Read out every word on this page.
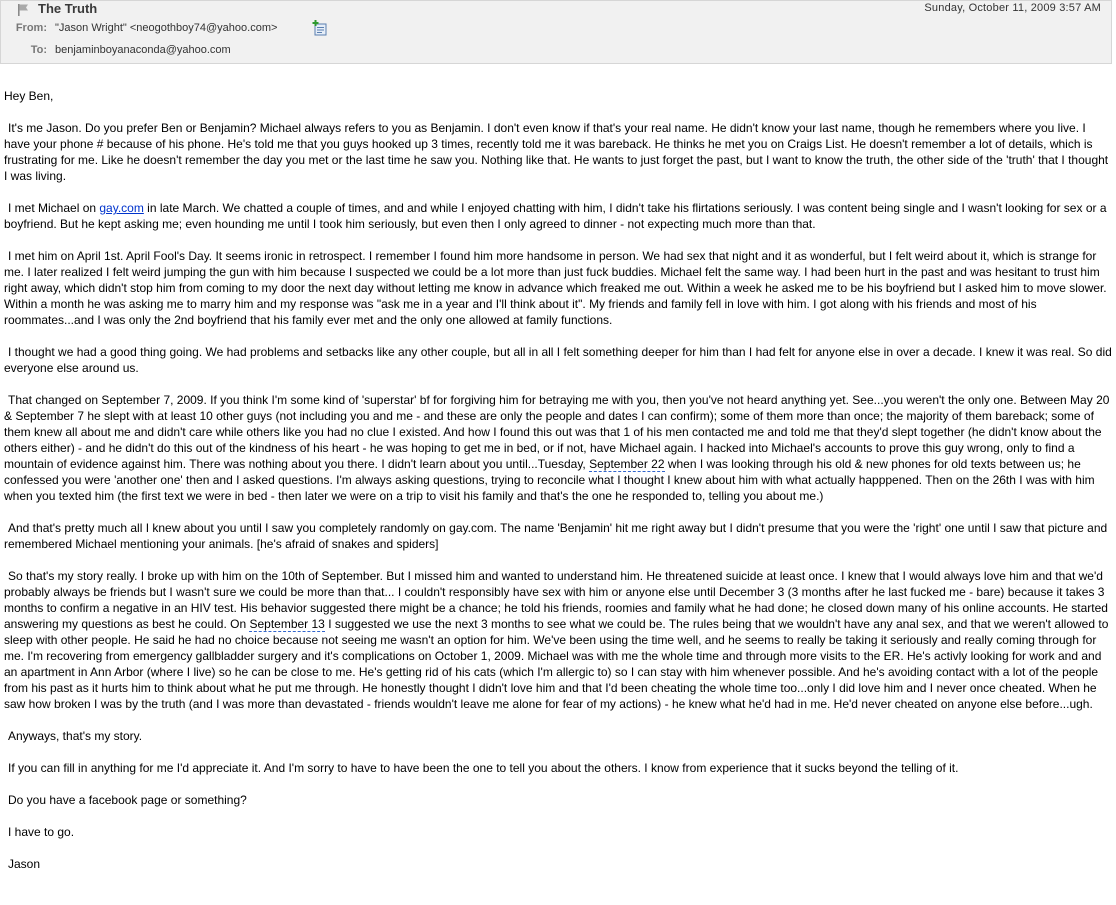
The Truth	Sunday, October 11, 2009 3:57 AM
From: "Jason Wright" <neogothboy74@yahoo.com>
To: benjaminboyanaconda@yahoo.com

Hey Ben,

It's me Jason. Do you prefer Ben or Benjamin? Michael always refers to you as Benjamin. I don't even know if that's your real name. He didn't know your last name, though he remembers where you live. I have your phone # because of his phone. He's told me that you guys hooked up 3 times, recently told me it was bareback. He thinks he met you on Craigs List. He doesn't remember a lot of details, which is frustrating for me. Like he doesn't remember the day you met or the last time he saw you. Nothing like that. He wants to just forget the past, but I want to know the truth, the other side of the 'truth' that I thought I was living.

I met Michael on gay.com in late March. We chatted a couple of times, and and while I enjoyed chatting with him, I didn't take his flirtations seriously. I was content being single and I wasn't looking for sex or a boyfriend. But he kept asking me; even hounding me until I took him seriously, but even then I only agreed to dinner - not expecting much more than that.

I met him on April 1st. April Fool's Day. It seems ironic in retrospect. I remember I found him more handsome in person. We had sex that night and it as wonderful, but I felt weird about it, which is strange for me. I later realized I felt weird jumping the gun with him because I suspected we could be a lot more than just fuck buddies. Michael felt the same way. I had been hurt in the past and was hesitant to trust him right away, which didn't stop him from coming to my door the next day without letting me know in advance which freaked me out. Within a week he asked me to be his boyfriend but I asked him to move slower. Within a month he was asking me to marry him and my response was "ask me in a year and I'll think about it". My friends and family fell in love with him. I got along with his friends and most of his roommates...and I was only the 2nd boyfriend that his family ever met and the only one allowed at family functions.

I thought we had a good thing going. We had problems and setbacks like any other couple, but all in all I felt something deeper for him than I had felt for anyone else in over a decade. I knew it was real. So did everyone else around us.

That changed on September 7, 2009. If you think I'm some kind of 'superstar' bf for forgiving him for betraying me with you, then you've not heard anything yet. See...you weren't the only one. Between May 20 & September 7 he slept with at least 10 other guys (not including you and me - and these are only the people and dates I can confirm); some of them more than once; the majority of them bareback; some of them knew all about me and didn't care while others like you had no clue I existed. And how I found this out was that 1 of his men contacted me and told me that they'd slept together (he didn't know about the others either) - and he didn't do this out of the kindness of his heart - he was hoping to get me in bed, or if not, have Michael again. I hacked into Michael's accounts to prove this guy wrong, only to find a mountain of evidence against him. There was nothing about you there. I didn't learn about you until...Tuesday, September 22 when I was looking through his old & new phones for old texts between us; he confessed you were 'another one' then and I asked questions. I'm always asking questions, trying to reconcile what I thought I knew about him with what actually happpened. Then on the 26th I was with him when you texted him (the first text we were in bed - then later we were on a trip to visit his family and that's the one he responded to, telling you about me.)

And that's pretty much all I knew about you until I saw you completely randomly on gay.com. The name 'Benjamin' hit me right away but I didn't presume that you were the 'right' one until I saw that picture and remembered Michael mentioning your animals. [he's afraid of snakes and spiders]

So that's my story really. I broke up with him on the 10th of September. But I missed him and wanted to understand him. He threatened suicide at least once. I knew that I would always love him and that we'd probably always be friends but I wasn't sure we could be more than that... I couldn't responsibly have sex with him or anyone else until December 3 (3 months after he last fucked me - bare) because it takes 3 months to confirm a negative in an HIV test. His behavior suggested there might be a chance; he told his friends, roomies and family what he had done; he closed down many of his online accounts. He started answering my questions as best he could. On September 13 I suggested we use the next 3 months to see what we could be. The rules being that we wouldn't have any anal sex, and that we weren't allowed to sleep with other people. He said he had no choice because not seeing me wasn't an option for him. We've been using the time well, and he seems to really be taking it seriously and really coming through for me. I'm recovering from emergency gallbladder surgery and it's complications on October 1, 2009. Michael was with me the whole time and through more visits to the ER. He's activly looking for work and and an apartment in Ann Arbor (where I live) so he can be close to me. He's getting rid of his cats (which I'm allergic to) so I can stay with him whenever possible. And he's avoiding contact with a lot of the people from his past as it hurts him to think about what he put me through. He honestly thought I didn't love him and that I'd been cheating the whole time too...only I did love him and I never once cheated. When he saw how broken I was by the truth (and I was more than devastated - friends wouldn't leave me alone for fear of my actions) - he knew what he'd had in me. He'd never cheated on anyone else before...ugh.

Anyways, that's my story.

If you can fill in anything for me I'd appreciate it. And I'm sorry to have to have been the one to tell you about the others. I know from experience that it sucks beyond the telling of it.

Do you have a facebook page or something?

I have to go.

Jason
